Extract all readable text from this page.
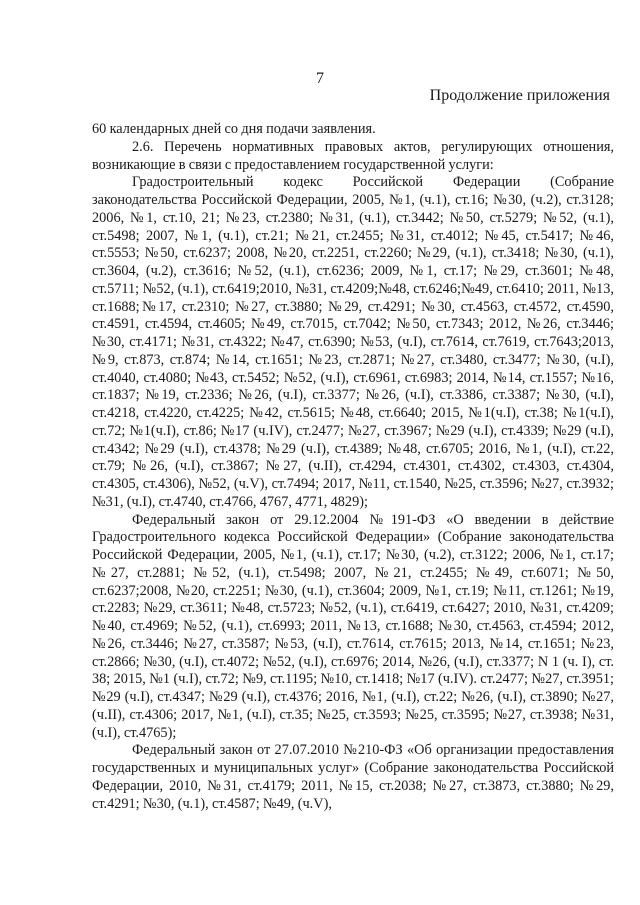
7
Продолжение приложения

60 календарных дней со дня подачи заявления.

2.6. Перечень нормативных правовых актов, регулирующих отношения, возникающие в связи с предоставлением государственной услуги:

Градостроительный кодекс Российской Федерации (Собрание законодательства Российской Федерации, 2005, №1, (ч.1), ст.16; №30, (ч.2), ст.3128; 2006, №1, ст.10, 21; №23, ст.2380; №31, (ч.1), ст.3442; №50, ст.5279; №52, (ч.1), ст.5498; 2007, №1, (ч.1), ст.21; №21, ст.2455; №31, ст.4012; №45, ст.5417; №46, ст.5553; №50, ст.6237; 2008, №20, ст.2251, ст.2260; №29, (ч.1), ст.3418; №30, (ч.1), ст.3604, (ч.2), ст.3616; №52, (ч.1), ст.6236; 2009, №1, ст.17; №29, ст.3601; №48, ст.5711; №52, (ч.1), ст.6419;2010, №31, ст.4209;№48, ст.6246;№49, ст.6410; 2011, №13, ст.1688;№17, ст.2310; №27, ст.3880; №29, ст.4291; №30, ст.4563, ст.4572, ст.4590, ст.4591, ст.4594, ст.4605; №49, ст.7015, ст.7042; №50, ст.7343; 2012, №26, ст.3446; №30, ст.4171; №31, ст.4322; №47, ст.6390; №53, (ч.I), ст.7614, ст.7619, ст.7643;2013, №9, ст.873, ст.874; №14, ст.1651; №23, ст.2871; №27, ст.3480, ст.3477; №30, (ч.I), ст.4040, ст.4080; №43, ст.5452; №52, (ч.I), ст.6961, ст.6983; 2014, №14, ст.1557; №16, ст.1837; №19, ст.2336; №26, (ч.I), ст.3377; №26, (ч.I), ст.3386, ст.3387; №30, (ч.I), ст.4218, ст.4220, ст.4225; №42, ст.5615; №48, ст.6640; 2015, №1(ч.I), ст.38; №1(ч.I), ст.72; №1(ч.I), ст.86; №17 (ч.IV), ст.2477; №27, ст.3967; №29 (ч.I), ст.4339; №29 (ч.I), ст.4342; №29 (ч.I), ст.4378; №29 (ч.I), ст.4389; №48, ст.6705; 2016, №1, (ч.I), ст.22, ст.79; №26, (ч.I), ст.3867; №27, (ч.II), ст.4294, ст.4301, ст.4302, ст.4303, ст.4304, ст.4305, ст.4306), №52, (ч.V), ст.7494; 2017, №11, ст.1540, №25, ст.3596; №27, ст.3932; №31, (ч.I), ст.4740, ст.4766, 4767, 4771, 4829);

Федеральный закон от 29.12.2004 №191-ФЗ «О введении в действие Градостроительного кодекса Российской Федерации» (Собрание законодательства Российской Федерации, 2005, №1, (ч.1), ст.17; №30, (ч.2), ст.3122; 2006, №1, ст.17; №27, ст.2881; №52, (ч.1), ст.5498; 2007, №21, ст.2455; №49, ст.6071; №50, ст.6237;2008, №20, ст.2251; №30, (ч.1), ст.3604; 2009, №1, ст.19; №11, ст.1261; №19, ст.2283; №29, ст.3611; №48, ст.5723; №52, (ч.1), ст.6419, ст.6427; 2010, №31, ст.4209; №40, ст.4969; №52, (ч.1), ст.6993; 2011, №13, ст.1688; №30, ст.4563, ст.4594; 2012, №26, ст.3446; №27, ст.3587; №53, (ч.I), ст.7614, ст.7615; 2013, №14, ст.1651; №23, ст.2866; №30, (ч.I), ст.4072; №52, (ч.I), ст.6976; 2014, №26, (ч.I), ст.3377; N 1 (ч. I), ст. 38; 2015, №1 (ч.I), ст.72; №9, ст.1195; №10, ст.1418; №17 (ч.IV). ст.2477; №27, ст.3951; №29 (ч.I), ст.4347; №29 (ч.I), ст.4376; 2016, №1, (ч.I), ст.22; №26, (ч.I), ст.3890; №27, (ч.II), ст.4306; 2017, №1, (ч.I), ст.35; №25, ст.3593; №25, ст.3595; №27, ст.3938; №31, (ч.I), ст.4765);

Федеральный закон от 27.07.2010 №210-ФЗ «Об организации предоставления государственных и муниципальных услуг» (Собрание законодательства Российской Федерации, 2010, №31, ст.4179; 2011, №15, ст.2038; №27, ст.3873, ст.3880; №29, ст.4291; №30, (ч.1), ст.4587; №49, (ч.V),
